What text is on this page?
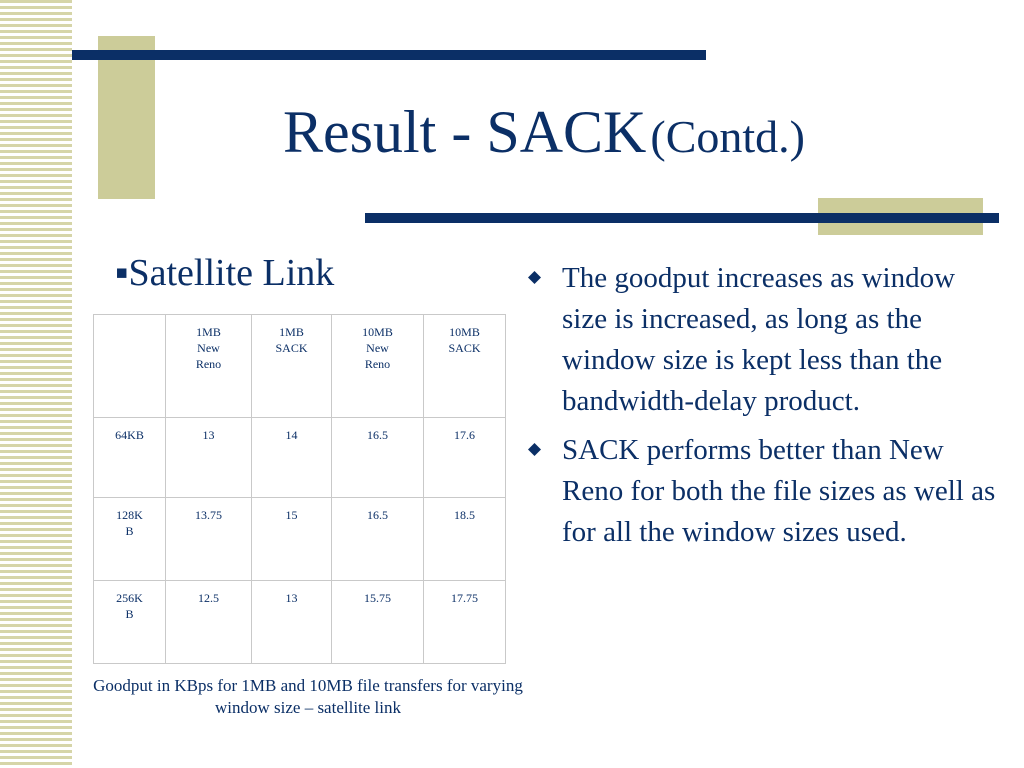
Result - SACK (Contd.)
▪Satellite Link

	1MB New Reno	1MB SACK	10MB New Reno	10MB SACK

64KB	13	14	16.5	17.6

128KB	13.75	15	16.5	18.5

256KB	12.5	13	15.75	17.75
Goodput in KBps for 1MB and 10MB file transfers for varying window size – satellite link
The goodput increases as window size is increased, as long as the window size is kept less than the bandwidth-delay product.
SACK performs better than New Reno for both the file sizes as well as for all the window sizes used.
